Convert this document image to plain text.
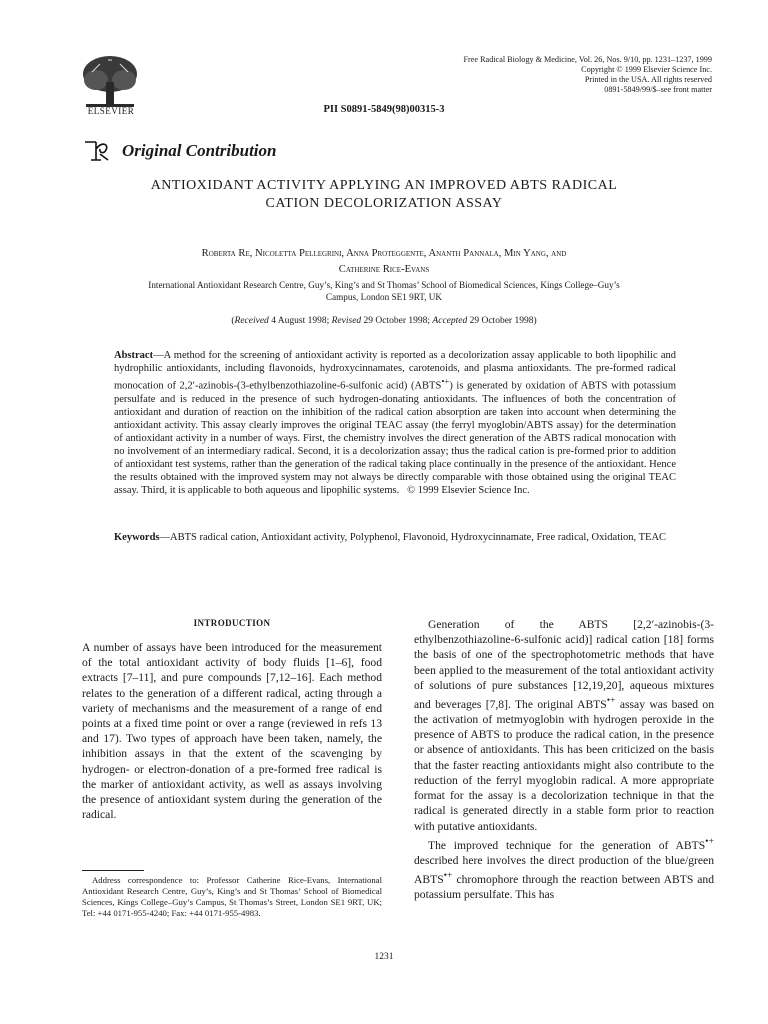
ELSEVIER
Free Radical Biology & Medicine, Vol. 26, Nos. 9/10, pp. 1231–1237, 1999
Copyright © 1999 Elsevier Science Inc.
Printed in the USA. All rights reserved
0891-5849/99/$–see front matter
PII S0891-5849(98)00315-3
Original Contribution
ANTIOXIDANT ACTIVITY APPLYING AN IMPROVED ABTS RADICAL
CATION DECOLORIZATION ASSAY
Roberta Re, Nicoletta Pellegrini, Anna Proteggente, Ananth Pannala, Min Yang, and
Catherine Rice-Evans
International Antioxidant Research Centre, Guy’s, King’s and St Thomas’ School of Biomedical Sciences, Kings College–Guy’s
Campus, London SE1 9RT, UK
(Received 4 August 1998; Revised 29 October 1998; Accepted 29 October 1998)
Abstract—A method for the screening of antioxidant activity is reported as a decolorization assay applicable to both lipophilic and hydrophilic antioxidants, including flavonoids, hydroxycinnamates, carotenoids, and plasma antioxidants. The pre-formed radical monocation of 2,2′-azinobis-(3-ethylbenzothiazoline-6-sulfonic acid) (ABTS•+) is generated by oxidation of ABTS with potassium persulfate and is reduced in the presence of such hydrogen-donating antioxidants. The influences of both the concentration of antioxidant and duration of reaction on the inhibition of the radical cation absorption are taken into account when determining the antioxidant activity. This assay clearly improves the original TEAC assay (the ferryl myoglobin/ABTS assay) for the determination of antioxidant activity in a number of ways. First, the chemistry involves the direct generation of the ABTS radical monocation with no involvement of an intermediary radical. Second, it is a decolorization assay; thus the radical cation is pre-formed prior to addition of antioxidant test systems, rather than the generation of the radical taking place continually in the presence of the antioxidant. Hence the results obtained with the improved system may not always be directly comparable with those obtained using the original TEAC assay. Third, it is applicable to both aqueous and lipophilic systems. © 1999 Elsevier Science Inc.
Keywords—ABTS radical cation, Antioxidant activity, Polyphenol, Flavonoid, Hydroxycinnamate, Free radical, Oxidation, TEAC
INTRODUCTION
A number of assays have been introduced for the measurement of the total antioxidant activity of body fluids [1–6], food extracts [7–11], and pure compounds [7,12–16]. Each method relates to the generation of a different radical, acting through a variety of mechanisms and the measurement of a range of end points at a fixed time point or over a range (reviewed in refs 13 and 17). Two types of approach have been taken, namely, the inhibition assays in that the extent of the scavenging by hydrogen- or electron-donation of a pre-formed free radical is the marker of antioxidant activity, as well as assays involving the presence of antioxidant system during the generation of the radical.
Generation of the ABTS [2,2′-azinobis-(3-ethylbenzothiazoline-6-sulfonic acid)] radical cation [18] forms the basis of one of the spectrophotometric methods that have been applied to the measurement of the total antioxidant activity of solutions of pure substances [12,19,20], aqueous mixtures and beverages [7,8]. The original ABTS•+ assay was based on the activation of metmyoglobin with hydrogen peroxide in the presence of ABTS to produce the radical cation, in the presence or absence of antioxidants. This has been criticized on the basis that the faster reacting antioxidants might also contribute to the reduction of the ferryl myoglobin radical. A more appropriate format for the assay is a decolorization technique in that the radical is generated directly in a stable form prior to reaction with putative antioxidants.
The improved technique for the generation of ABTS•+ described here involves the direct production of the blue/green ABTS•+ chromophore through the reaction between ABTS and potassium persulfate. This has
Address correspondence to: Professor Catherine Rice-Evans, International Antioxidant Research Centre, Guy’s, King’s and St Thomas’ School of Biomedical Sciences, Kings College–Guy’s Campus, St Thomas’s Street, London SE1 9RT, UK; Tel: +44 0171-955-4240; Fax: +44 0171-955-4983.
1231
